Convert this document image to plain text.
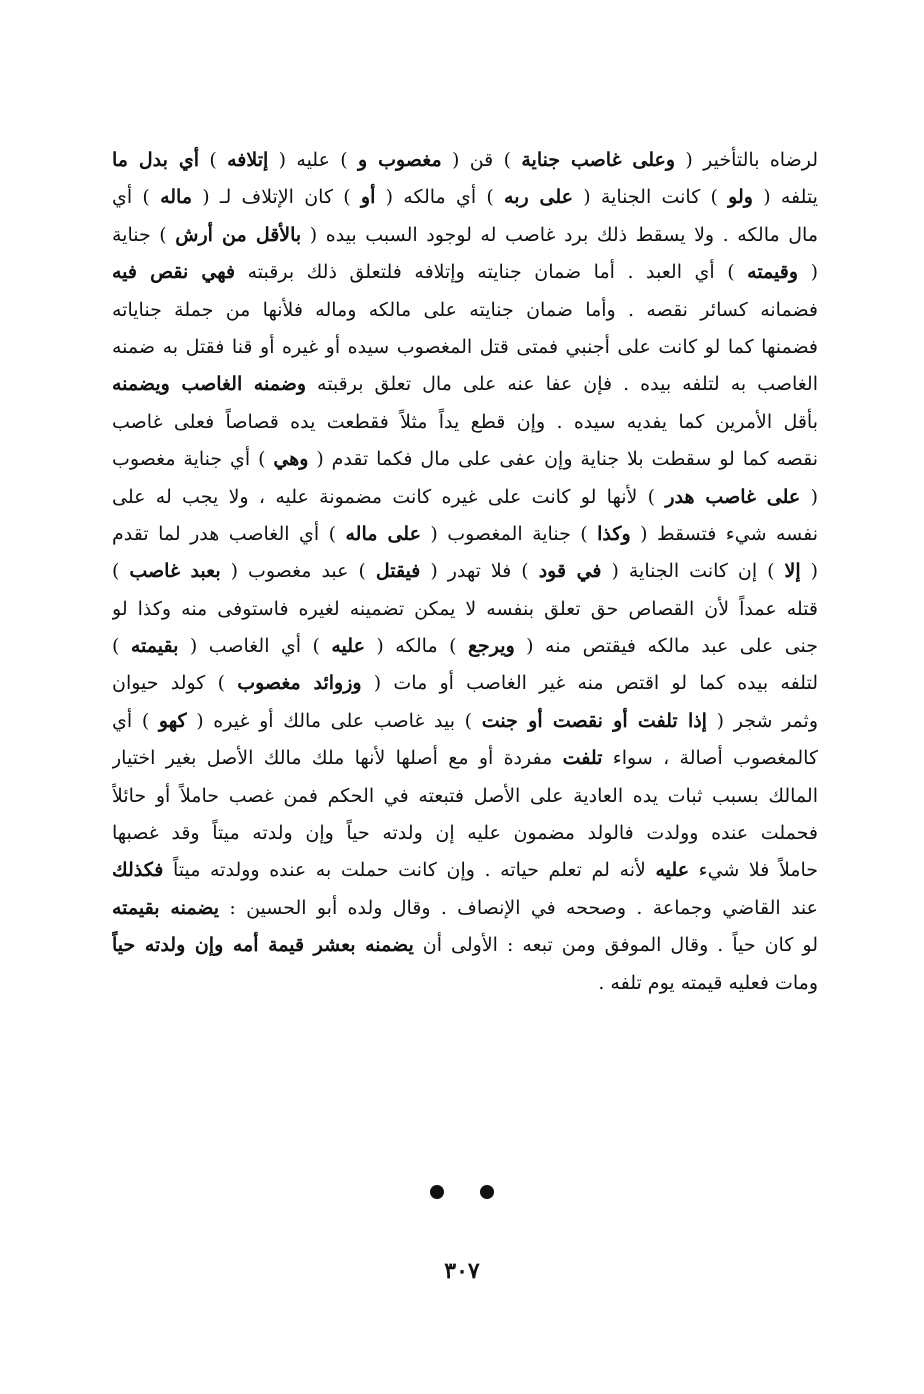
لرضاه بالتأخير ( وعلى غاصب جناية ) قن ( مغصوب و ) عليه ( إتلافه ) أي بدل ما
يتلفه ( ولو ) كانت الجناية ( على ربه ) أي مالكه ( أو ) كان الإتلاف لـ ( ماله ) أي
مال مالكه . ولا يسقط ذلك برد غاصب له لوجود السبب بيده ( بالأقل من أرش ) جناية
( وقيمته ) أي العبد . أما ضمان جنايته وإتلافه فلتعلق ذلك برقبته فهي نقص فيه
فضمانه كسائر نقصه . وأما ضمان جنايته على مالكه وماله فلأنها من جملة جناياته
فضمنها كما لو كانت على أجنبي فمتى قتل المغصوب سيده أو غيره أو قنا فقتل به ضمنه
الغاصب به لتلفه بيده . فإن عفا عنه على مال تعلق برقبته وضمنه الغاصب ويضمنه
بأقل الأمرين كما يفديه سيده . وإن قطع يداً مثلاً فقطعت يده قصاصاً فعلى غاصب
نقصه كما لو سقطت بلا جناية وإن عفى على مال فكما تقدم ( وهي ) أي جناية مغصوب
( على غاصب هدر ) لأنها لو كانت على غيره كانت مضمونة عليه ، ولا يجب له على
نفسه شيء فتسقط ( وكذا ) جناية المغصوب ( على ماله ) أي الغاصب هدر لما تقدم
( إلا ) إن كانت الجناية ( في قود ) فلا تهدر ( فيقتل ) عبد مغصوب ( بعبد غاصب )
قتله عمداً لأن القصاص حق تعلق بنفسه لا يمكن تضمينه لغيره فاستوفى منه وكذا لو
جنى على عبد مالكه فيقتص منه ( ويرجع ) مالكه ( عليه ) أي الغاصب ( بقيمته )
لتلفه بيده كما لو اقتص منه غير الغاصب أو مات ( وزوائد مغصوب ) كولد حيوان
وثمر شجر ( إذا تلفت أو نقصت أو جنت ) بيد غاصب على مالك أو غيره ( كهو ) أي
كالمغصوب أصالة ، سواء تلفت مفردة أو مع أصلها لأنها ملك مالك الأصل بغير اختيار
المالك بسبب ثبات يده العادية على الأصل فتبعته في الحكم فمن غصب حاملاً أو حائلاً
فحملت عنده وولدت فالولد مضمون عليه إن ولدته حياً وإن ولدته ميتاً وقد غصبها
حاملاً فلا شيء عليه لأنه لم تعلم حياته . وإن كانت حملت به عنده وولدته ميتاً فكذلك
عند القاضي وجماعة . وصححه في الإنصاف . وقال ولده أبو الحسين : يضمنه بقيمته
لو كان حياً . وقال الموفق ومن تبعه : الأولى أن يضمنه بعشر قيمة أمه وإن ولدته حياً
ومات فعليه قيمته يوم تلفه .
٣٠٧
